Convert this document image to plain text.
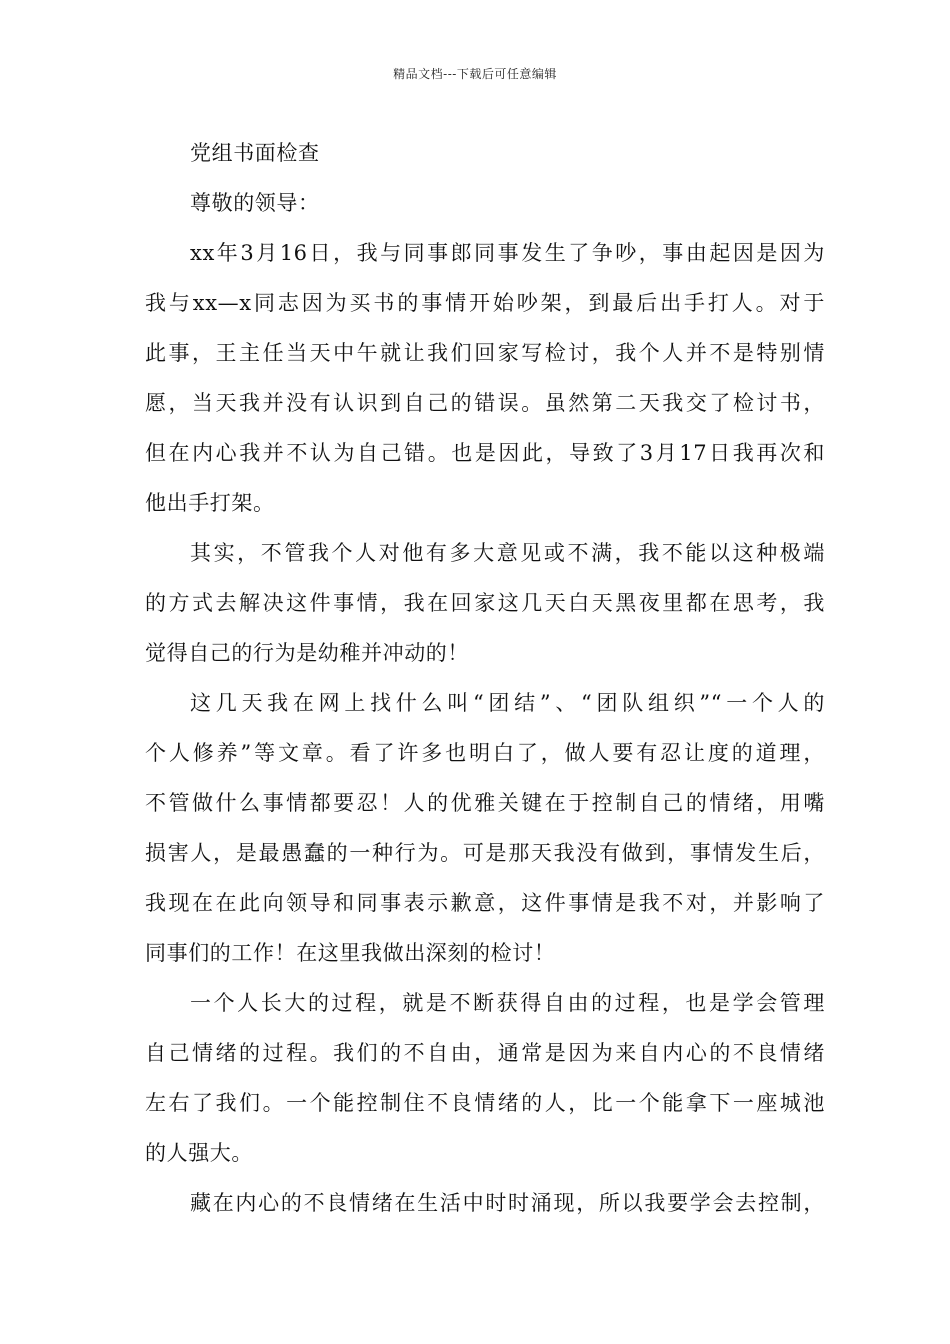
精品文档---下载后可任意编辑
党组书面检查
尊敬的领导：
xx年3月16日，我与同事郎同事发生了争吵，事由起因是因为
我与xx—x同志因为买书的事情开始吵架，到最后出手打人。对于
此事，王主任当天中午就让我们回家写检讨，我个人并不是特别情
愿，当天我并没有认识到自己的错误。虽然第二天我交了检讨书，
但在内心我并不认为自己错。也是因此，导致了3月17日我再次和
他出手打架。
其实，不管我个人对他有多大意见或不满，我不能以这种极端
的方式去解决这件事情，我在回家这几天白天黑夜里都在思考，我
觉得自己的行为是幼稚并冲动的！
这几天我在网上找什么叫“团结”、“团队组织”“一个人的
个人修养”等文章。看了许多也明白了，做人要有忍让度的道理，
不管做什么事情都要忍！人的优雅关键在于控制自己的情绪，用嘴
损害人，是最愚蠢的一种行为。可是那天我没有做到，事情发生后，
我现在在此向领导和同事表示歉意，这件事情是我不对，并影响了
同事们的工作！在这里我做出深刻的检讨！
一个人长大的过程，就是不断获得自由的过程，也是学会管理
自己情绪的过程。我们的不自由，通常是因为来自内心的不良情绪
左右了我们。一个能控制住不良情绪的人，比一个能拿下一座城池
的人强大。
藏在内心的不良情绪在生活中时时涌现，所以我要学会去控制，
